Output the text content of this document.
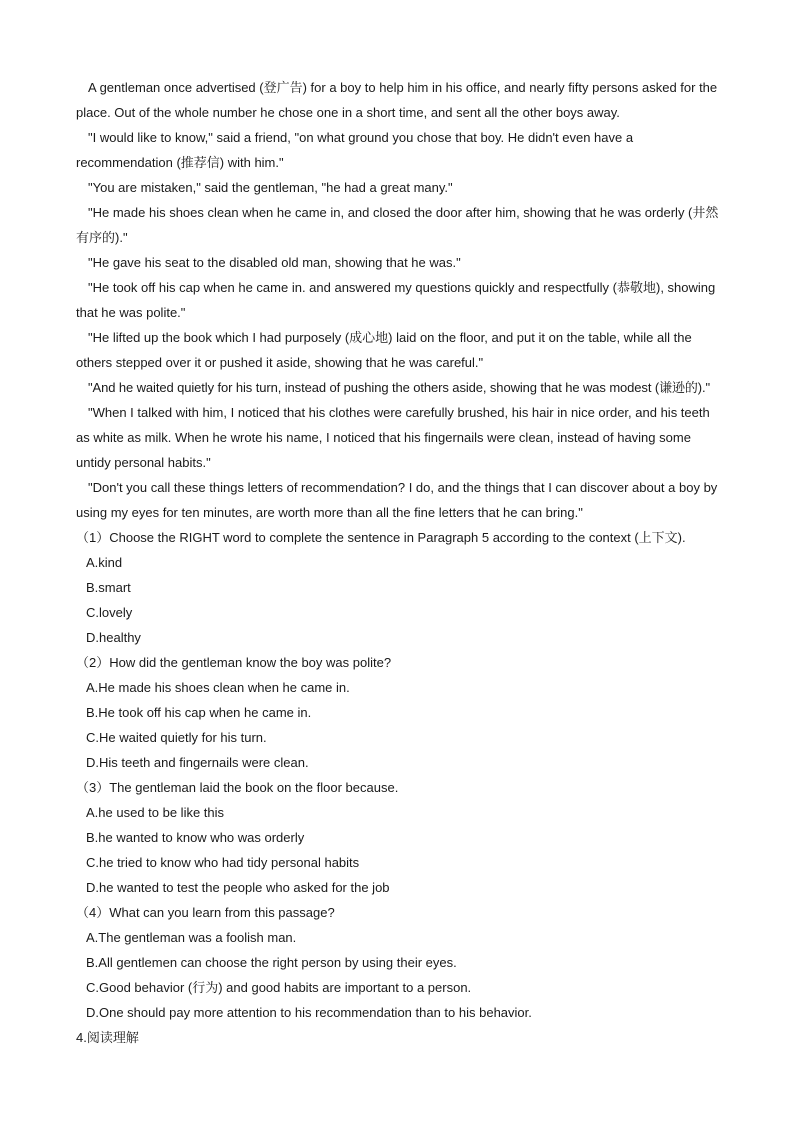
A gentleman once advertised (登广告) for a boy to help him in his office, and nearly fifty persons asked for the
place. Out of the whole number he chose one in a short time, and sent all the other boys away.
"I would like to know," said a friend, "on what ground you chose that boy. He didn't even have a
recommendation (推荐信) with him."
"You are mistaken," said the gentleman, "he had a great many."
"He made his shoes clean when he came in, and closed the door after him, showing that he was orderly (井然
有序的)."
"He gave his seat to the disabled old man, showing that he was."
"He took off his cap when he came in. and answered my questions quickly and respectfully (恭敬地), showing
that he was polite."
"He lifted up the book which I had purposely (成心地) laid on the floor, and put it on the table, while all the
others stepped over it or pushed it aside, showing that he was careful."
"And he waited quietly for his turn, instead of pushing the others aside, showing that he was modest (谦逊的)."
"When I talked with him, I noticed that his clothes were carefully brushed, his hair in nice order, and his teeth
as white as milk. When he wrote his name, I noticed that his fingernails were clean, instead of having some
untidy personal habits."
"Don't you call these things letters of recommendation? I do, and the things that I can discover about a boy by
using my eyes for ten minutes, are worth more than all the fine letters that he can bring."
（1）Choose the RIGHT word to complete the sentence in Paragraph 5 according to the context (上下文).
A.kind
B.smart
C.lovely
D.healthy
（2）How did the gentleman know the boy was polite?
A.He made his shoes clean when he came in.
B.He took off his cap when he came in.
C.He waited quietly for his turn.
D.His teeth and fingernails were clean.
（3）The gentleman laid the book on the floor because.
A.he used to be like this
B.he wanted to know who was orderly
C.he tried to know who had tidy personal habits
D.he wanted to test the people who asked for the job
（4）What can you learn from this passage?
A.The gentleman was a foolish man.
B.All gentlemen can choose the right person by using their eyes.
C.Good behavior (行为) and good habits are important to a person.
D.One should pay more attention to his recommendation than to his behavior.
4.阅读理解
